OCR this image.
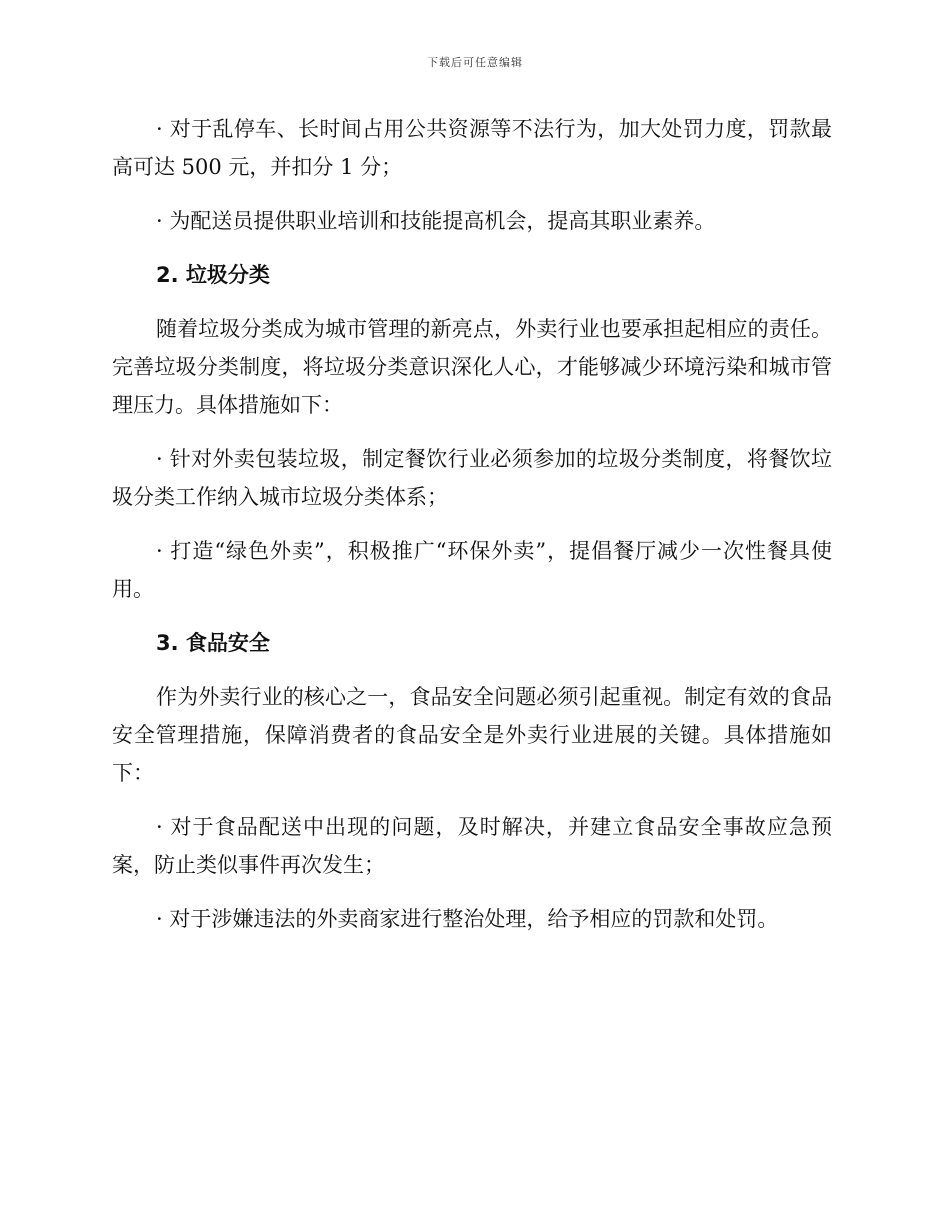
下载后可任意编辑

· 对于乱停车、长时间占用公共资源等不法行为，加大处罚力度，罚款最高可达 500 元，并扣分 1 分；

· 为配送员提供职业培训和技能提高机会，提高其职业素养。

2. 垃圾分类

随着垃圾分类成为城市管理的新亮点，外卖行业也要承担起相应的责任。完善垃圾分类制度，将垃圾分类意识深化人心，才能够减少环境污染和城市管理压力。具体措施如下：

· 针对外卖包装垃圾，制定餐饮行业必须参加的垃圾分类制度，将餐饮垃圾分类工作纳入城市垃圾分类体系；

· 打造“绿色外卖”，积极推广“环保外卖”，提倡餐厅减少一次性餐具使用。

3. 食品安全

作为外卖行业的核心之一，食品安全问题必须引起重视。制定有效的食品安全管理措施，保障消费者的食品安全是外卖行业进展的关键。具体措施如下：

· 对于食品配送中出现的问题，及时解决，并建立食品安全事故应急预案，防止类似事件再次发生；

· 对于涉嫌违法的外卖商家进行整治处理，给予相应的罚款和处罚。
